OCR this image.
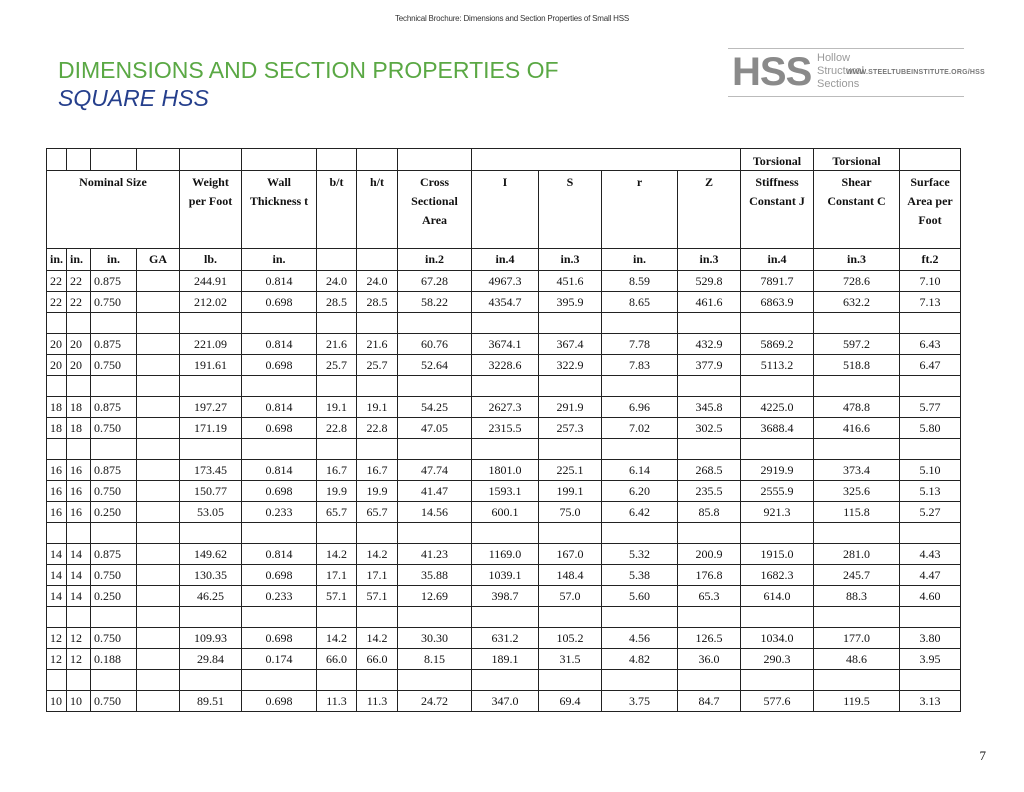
Technical Brochure: Dimensions and Section Properties of Small HSS
DIMENSIONS AND SECTION PROPERTIES OF
SQUARE HSS
HSS Hollow
Structural
Sections
WWW.STEELTUBEINSTITUTE.ORG/HSS
													Torsional	Torsional	
Nominal Size				Weight per Foot	Wall Thickness t	b/t	h/t	Cross Sectional Area	I	S	r	Z	Stiffness Constant J	Shear Constant C	Surface Area per Foot
in.	in.	in.	GA	lb.	in.			in.2	in.4	in.3	in.	in.3	in.4	in.3	ft.2
22	22	0.875		244.91	0.814	24.0	24.0	67.28	4967.3	451.6	8.59	529.8	7891.7	728.6	7.10
22	22	0.750		212.02	0.698	28.5	28.5	58.22	4354.7	395.9	8.65	461.6	6863.9	632.2	7.13

20	20	0.875		221.09	0.814	21.6	21.6	60.76	3674.1	367.4	7.78	432.9	5869.2	597.2	6.43
20	20	0.750		191.61	0.698	25.7	25.7	52.64	3228.6	322.9	7.83	377.9	5113.2	518.8	6.47

18	18	0.875		197.27	0.814	19.1	19.1	54.25	2627.3	291.9	6.96	345.8	4225.0	478.8	5.77
18	18	0.750		171.19	0.698	22.8	22.8	47.05	2315.5	257.3	7.02	302.5	3688.4	416.6	5.80

16	16	0.875		173.45	0.814	16.7	16.7	47.74	1801.0	225.1	6.14	268.5	2919.9	373.4	5.10
16	16	0.750		150.77	0.698	19.9	19.9	41.47	1593.1	199.1	6.20	235.5	2555.9	325.6	5.13
16	16	0.250		53.05	0.233	65.7	65.7	14.56	600.1	75.0	6.42	85.8	921.3	115.8	5.27

14	14	0.875		149.62	0.814	14.2	14.2	41.23	1169.0	167.0	5.32	200.9	1915.0	281.0	4.43
14	14	0.750		130.35	0.698	17.1	17.1	35.88	1039.1	148.4	5.38	176.8	1682.3	245.7	4.47
14	14	0.250		46.25	0.233	57.1	57.1	12.69	398.7	57.0	5.60	65.3	614.0	88.3	4.60

12	12	0.750		109.93	0.698	14.2	14.2	30.30	631.2	105.2	4.56	126.5	1034.0	177.0	3.80
12	12	0.188		29.84	0.174	66.0	66.0	8.15	189.1	31.5	4.82	36.0	290.3	48.6	3.95

10	10	0.750		89.51	0.698	11.3	11.3	24.72	347.0	69.4	3.75	84.7	577.6	119.5	3.13
7
